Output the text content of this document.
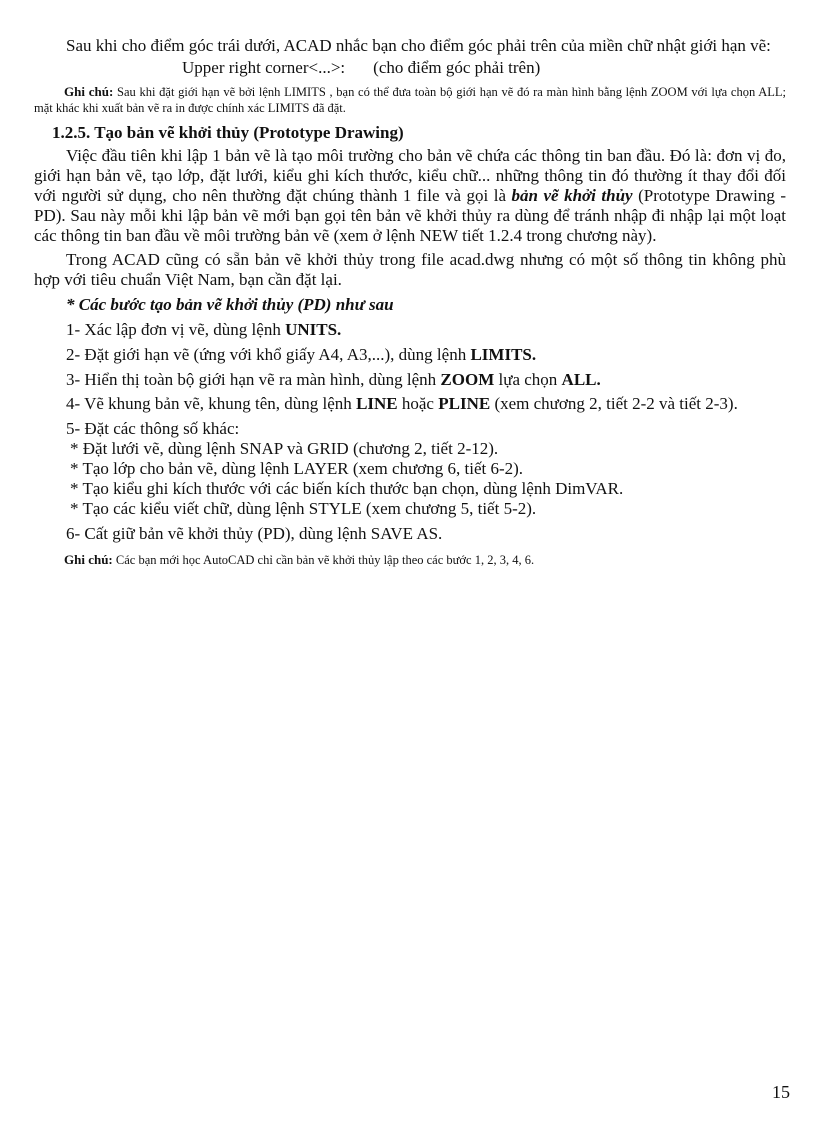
Sau khi cho điểm góc trái dưới, ACAD nhắc bạn cho điểm góc phải trên của miền chữ nhật giới hạn vẽ:

Upper right corner<...>: (cho điểm góc phải trên)

Ghi chú: Sau khi đặt giới hạn vẽ bởi lệnh LIMITS , bạn có thể đưa toàn bộ giới hạn vẽ đó ra màn hình bằng lệnh ZOOM với lựa chọn ALL; mặt khác khi xuất bản vẽ ra in được chính xác LIMITS đã đặt.

1.2.5. Tạo bản vẽ khởi thủy (Prototype Drawing)

Việc đầu tiên khi lập 1 bản vẽ là tạo môi trường cho bản vẽ chứa các thông tin ban đầu. Đó là: đơn vị đo, giới hạn bản vẽ, tạo lớp, đặt lưới, kiểu ghi kích thước, kiểu chữ... những thông tin đó thường ít thay đổi đối với người sử dụng, cho nên thường đặt chúng thành 1 file và gọi là bản vẽ khởi thủy (Prototype Drawing - PD). Sau này mỗi khi lập bản vẽ mới bạn gọi tên bản vẽ khởi thủy ra dùng để tránh nhập đi nhập lại một loạt các thông tin ban đầu về môi trường bản vẽ (xem ở lệnh NEW tiết 1.2.4 trong chương này).

Trong ACAD cũng có sẵn bản vẽ khởi thủy trong file acad.dwg nhưng có một số thông tin không phù hợp với tiêu chuẩn Việt Nam, bạn cần đặt lại.

* Các bước tạo bản vẽ khởi thủy (PD) như sau

1- Xác lập đơn vị vẽ, dùng lệnh UNITS.

2- Đặt giới hạn vẽ (ứng với khổ giấy A4, A3,...), dùng lệnh LIMITS.

3- Hiển thị toàn bộ giới hạn vẽ ra màn hình, dùng lệnh ZOOM lựa chọn ALL.

4- Vẽ khung bản vẽ, khung tên, dùng lệnh LINE hoặc PLINE (xem chương 2, tiết 2-2 và tiết 2-3).

5- Đặt các thông số khác:

* Đặt lưới vẽ, dùng lệnh SNAP và GRID (chương 2, tiết 2-12).

* Tạo lớp cho bản vẽ, dùng lệnh LAYER (xem chương 6, tiết 6-2).

* Tạo kiểu ghi kích thước với các biến kích thước bạn chọn, dùng lệnh DimVAR.

* Tạo các kiểu viết chữ, dùng lệnh STYLE (xem chương 5, tiết 5-2).

6- Cất giữ bản vẽ khởi thủy (PD), dùng lệnh SAVE AS.

Ghi chú: Các bạn mới học AutoCAD chỉ cần bản vẽ khởi thủy lập theo các bước 1, 2, 3, 4, 6.

15
